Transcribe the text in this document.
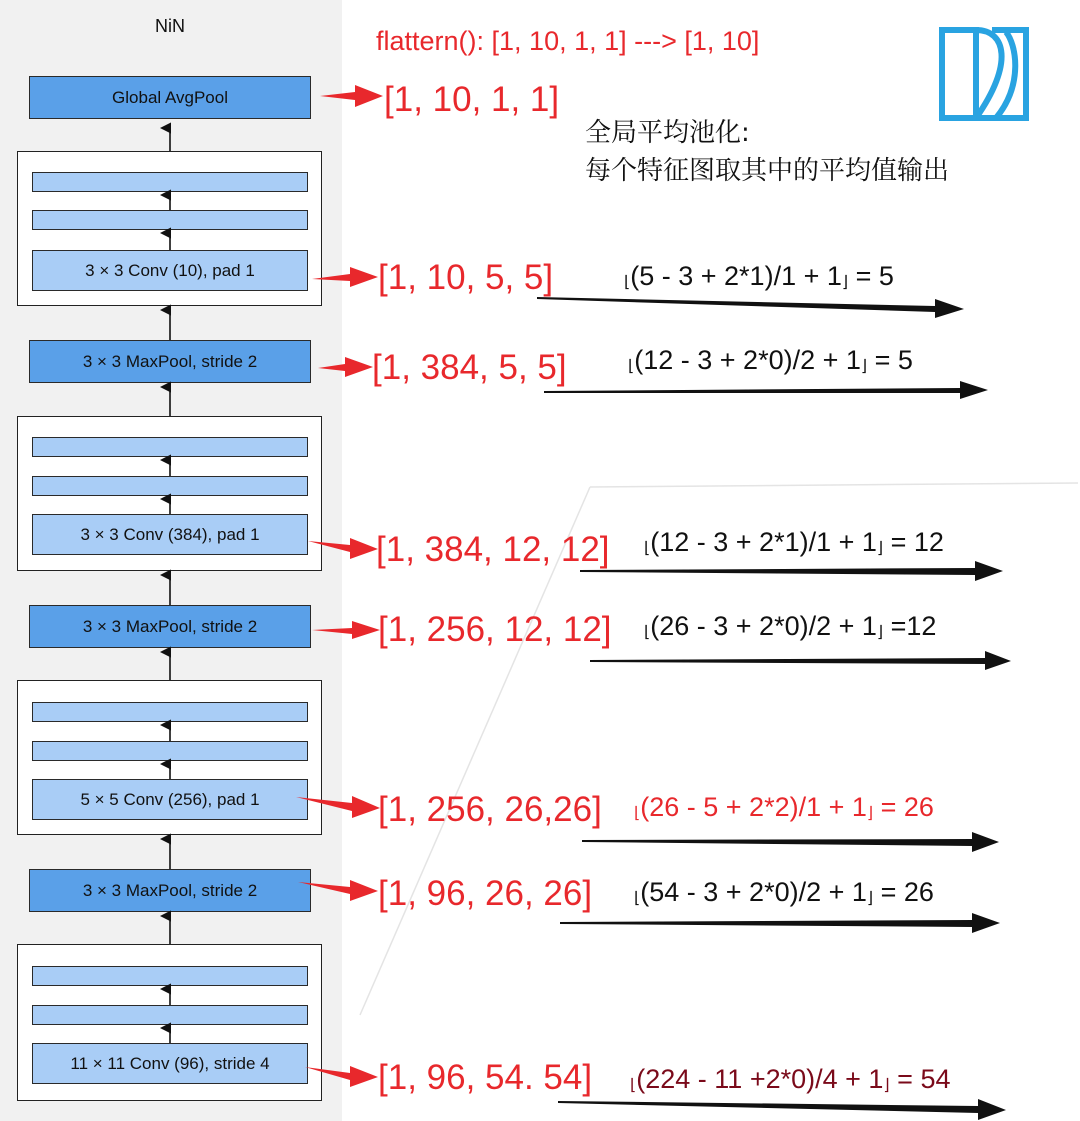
NiN
Global AvgPool
3 × 3 Conv (10), pad 1
3 × 3 MaxPool, stride 2
3 × 3 Conv (384), pad 1
3 × 3 MaxPool, stride 2
5 × 5 Conv (256), pad 1
3 × 3 MaxPool, stride 2
11 × 11 Conv (96), stride 4
flattern(): [1, 10, 1, 1] ---> [1, 10]
全局平均池化:
每个特征图取其中的平均值输出
[1, 10, 1, 1]
[1, 10, 5, 5]
[1, 384, 5, 5]
[1, 384, 12, 12]
[1, 256, 12, 12]
[1, 256, 26,26]
[1, 96, 26, 26]
[1, 96, 54. 54]
⌊(5 - 3 + 2*1)/1 + 1⌋ = 5
⌊(12 - 3 + 2*0)/2 + 1⌋ = 5
⌊(12 - 3 + 2*1)/1 + 1⌋ = 12
⌊(26 - 3 + 2*0)/2 + 1⌋ =12
⌊(26 - 5 + 2*2)/1 + 1⌋ = 26
⌊(54 - 3 + 2*0)/2 + 1⌋ = 26
⌊(224 - 11 +2*0)/4 + 1⌋ = 54
